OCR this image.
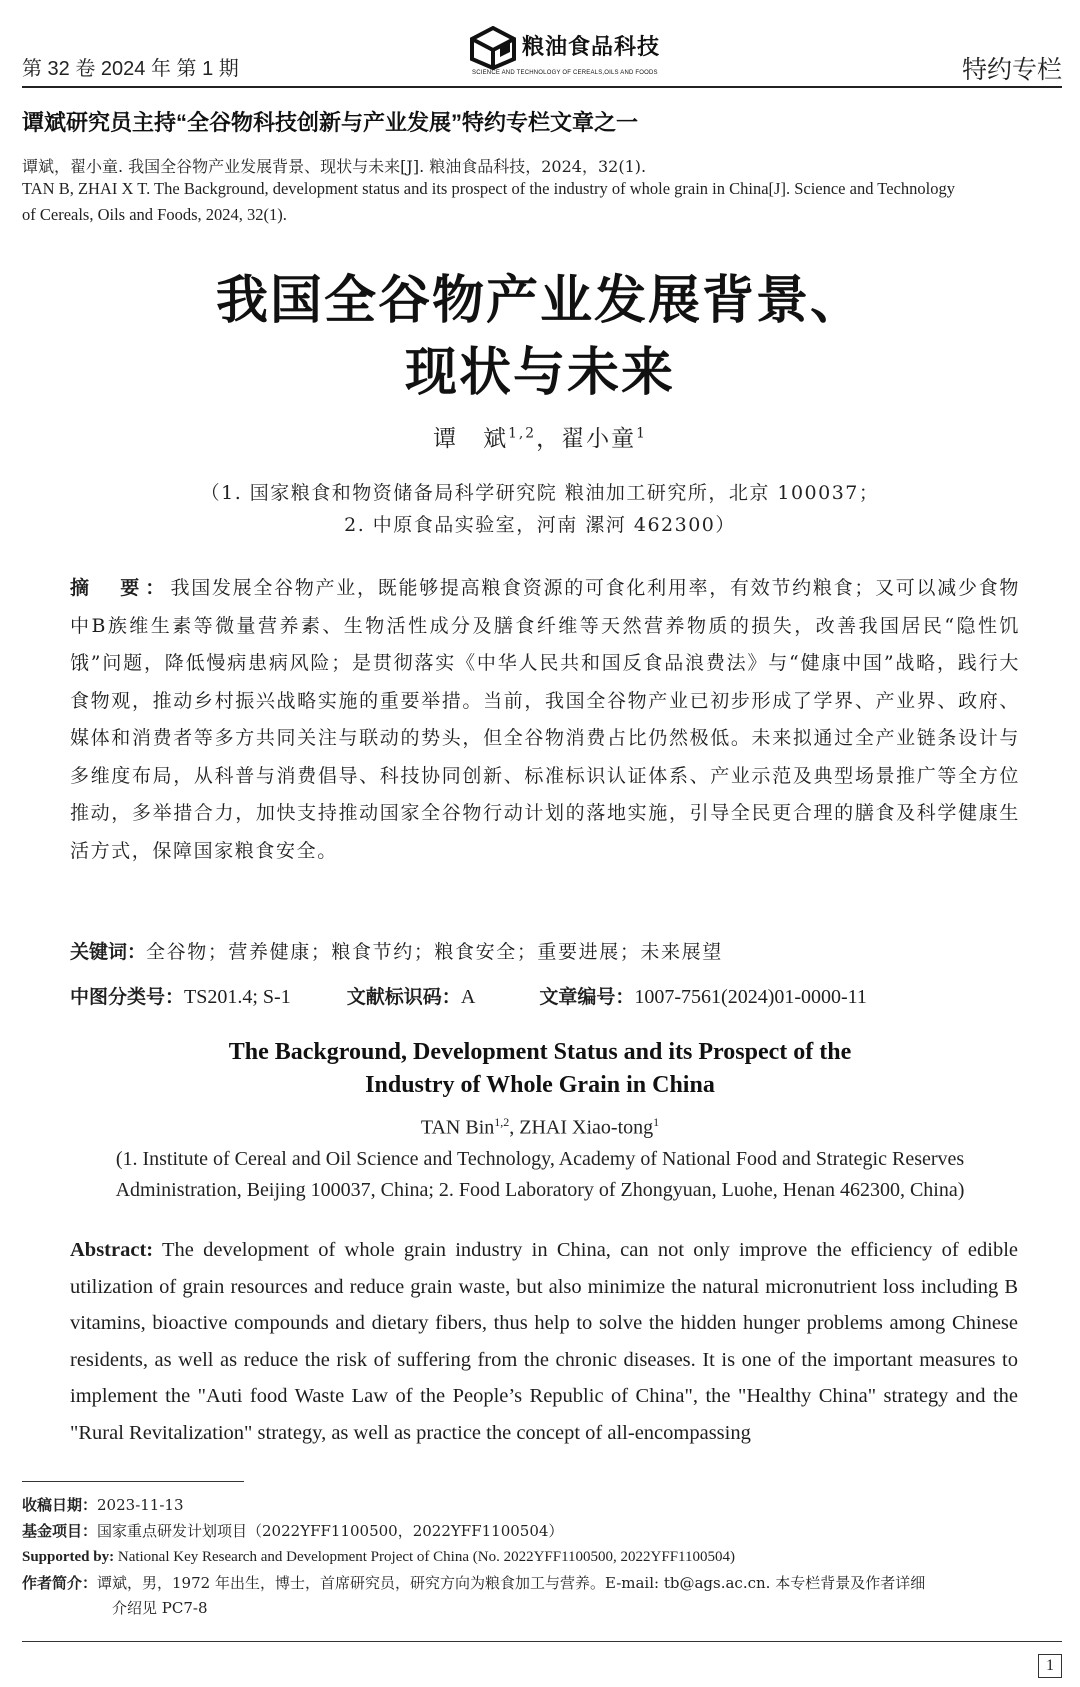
第 32 卷 2024 年 第 1 期
粮油食品科技
SCIENCE AND TECHNOLOGY OF CEREALS,OILS AND FOODS	特约专栏
谭斌研究员主持“全谷物科技创新与产业发展”特约专栏文章之一
谭斌，翟小童. 我国全谷物产业发展背景、现状与未来[J]. 粮油食品科技，2024，32(1).
TAN B, ZHAI X T. The Background, development status and its prospect of the industry of whole grain in China[J]. Science and Technology
of Cereals, Oils and Foods, 2024, 32(1).
我国全谷物产业发展背景、
现状与未来
谭　斌$^{1,2}$，翟小童$^1$
（1. 国家粮食和物资储备局科学研究院 粮油加工研究所，北京 100037；
2. 中原食品实验室，河南 漯河 462300）
摘　要：我国发展全谷物产业，既能够提高粮食资源的可食化利用率，有效节约粮食；又可以减少食物中B族维生素等微量营养素、生物活性成分及膳食纤维等天然营养物质的损失，改善我国居民“隐性饥饿”问题，降低慢病患病风险；是贯彻落实《中华人民共和国反食品浪费法》与“健康中国”战略，践行大食物观，推动乡村振兴战略实施的重要举措。当前，我国全谷物产业已初步形成了学界、产业界、政府、媒体和消费者等多方共同关注与联动的势头，但全谷物消费占比仍然极低。未来拟通过全产业链条设计与多维度布局，从科普与消费倡导、科技协同创新、标准标识认证体系、产业示范及典型场景推广等全方位推动，多举措合力，加快支持推动国家全谷物行动计划的落地实施，引导全民更合理的膳食及科学健康生活方式，保障国家粮食安全。
关键词：全谷物；营养健康；粮食节约；粮食安全；重要进展；未来展望
中图分类号：TS201.4; S-1	文献标识码：A	文章编号：1007-7561(2024)01-0000-11
The Background, Development Status and its Prospect of the
Industry of Whole Grain in China
TAN Bin$^{1,2}$, ZHAI Xiao-tong$^1$
(1. Institute of Cereal and Oil Science and Technology, Academy of National Food and Strategic Reserves
Administration, Beijing 100037, China; 2. Food Laboratory of Zhongyuan, Luohe, Henan 462300, China)
Abstract: The development of whole grain industry in China, can not only improve the efficiency of edible utilization of grain resources and reduce grain waste, but also minimize the natural micronutrient loss including B vitamins, bioactive compounds and dietary fibers, thus help to solve the hidden hunger problems among Chinese residents, as well as reduce the risk of suffering from the chronic diseases. It is one of the important measures to implement the "Auti food Waste Law of the People’s Republic of China", the "Healthy China" strategy and the "Rural Revitalization" strategy, as well as practice the concept of all-encompassing
收稿日期：2023-11-13
基金项目：国家重点研发计划项目（2022YFF1100500，2022YFF1100504）
Supported by: National Key Research and Development Project of China (No. 2022YFF1100500, 2022YFF1100504)
作者简介：谭斌，男，1972 年出生，博士，首席研究员，研究方向为粮食加工与营养。E-mail: tb@ags.ac.cn. 本专栏背景及作者详细
介绍见 PC7-8
1
